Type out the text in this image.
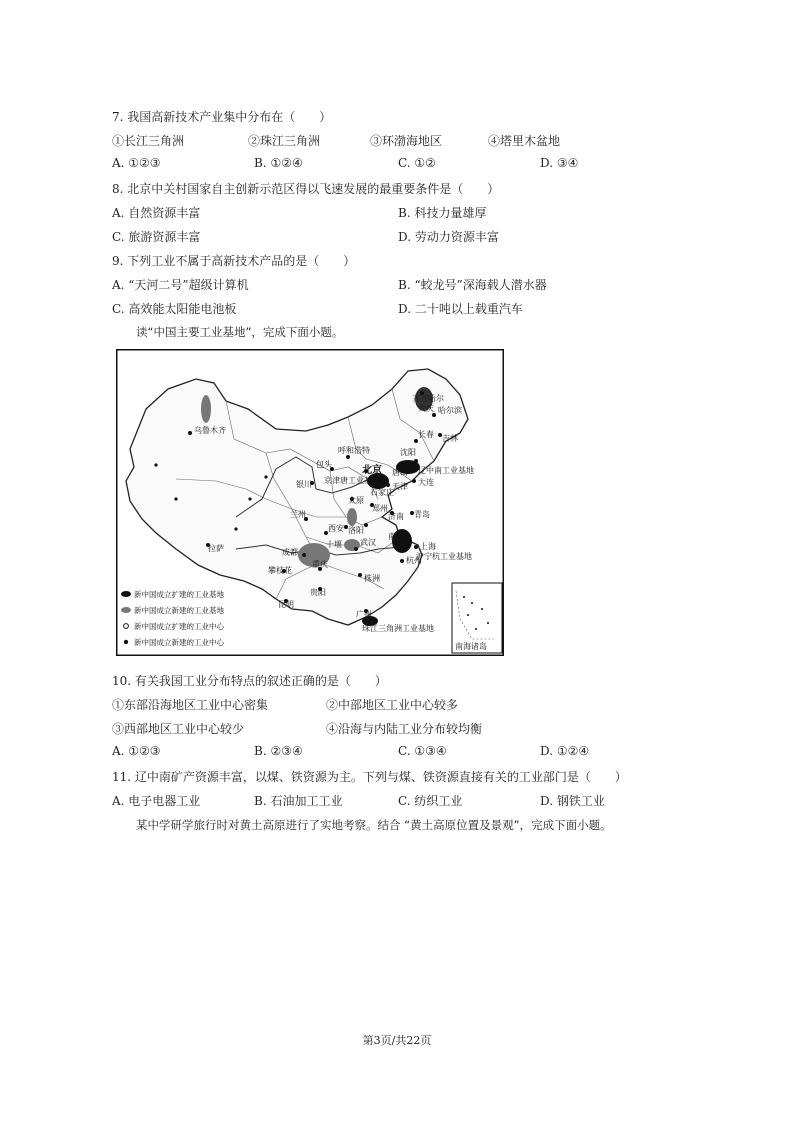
7. 我国高新技术产业集中分布在（　　）
①长江三角洲	②珠江三角洲	③环渤海地区	④塔里木盆地
A. ①②③	B. ①②④	C. ①②	D. ③④
8. 北京中关村国家自主创新示范区得以飞速发展的最重要条件是（　　）
A. 自然资源丰富	B. 科技力量雄厚
C. 旅游资源丰富	D. 劳动力资源丰富
9. 下列工业不属于高新技术产品的是（　　）
A. “天河二号”超级计算机	B. “蛟龙号”深海载人潜水器
C. 高效能太阳能电池板	D. 二十吨以上载重汽车
读“中国主要工业基地”，完成下面小题。
乌鲁木齐
齐齐哈尔
大庆 哈尔滨
长春 吉林
沈阳
呼和浩特
包头
北京 唐山 辽中南工业基地
京津唐工业基地
天津 大连
银川
太原
石家庄
兰州
郑州
济南 青岛
西安 洛阳
南京
上海
沪宁杭工业基地
成都
十堰 武汉
拉萨
攀枝花
重庆	杭州
株洲
昆明
贵阳
广州
珠江三角洲工业基地
南海诸岛
新中国成立扩建的工业基地
新中国成立新建的工业基地
新中国成立扩建的工业中心
新中国成立新建的工业中心
10. 有关我国工业分布特点的叙述正确的是（　　）
①东部沿海地区工业中心密集	②中部地区工业中心较多
③西部地区工业中心较少	④沿海与内陆工业分布较均衡
A. ①②③	B. ②③④	C. ①③④	D. ①②④
11. 辽中南矿产资源丰富，以煤、铁资源为主。下列与煤、铁资源直接有关的工业部门是（　　）
A. 电子电器工业	B. 石油加工工业	C. 纺织工业	D. 钢铁工业
某中学研学旅行时对黄土高原进行了实地考察。结合 “黄土高原位置及景观”，完成下面小题。
第3页/共22页
